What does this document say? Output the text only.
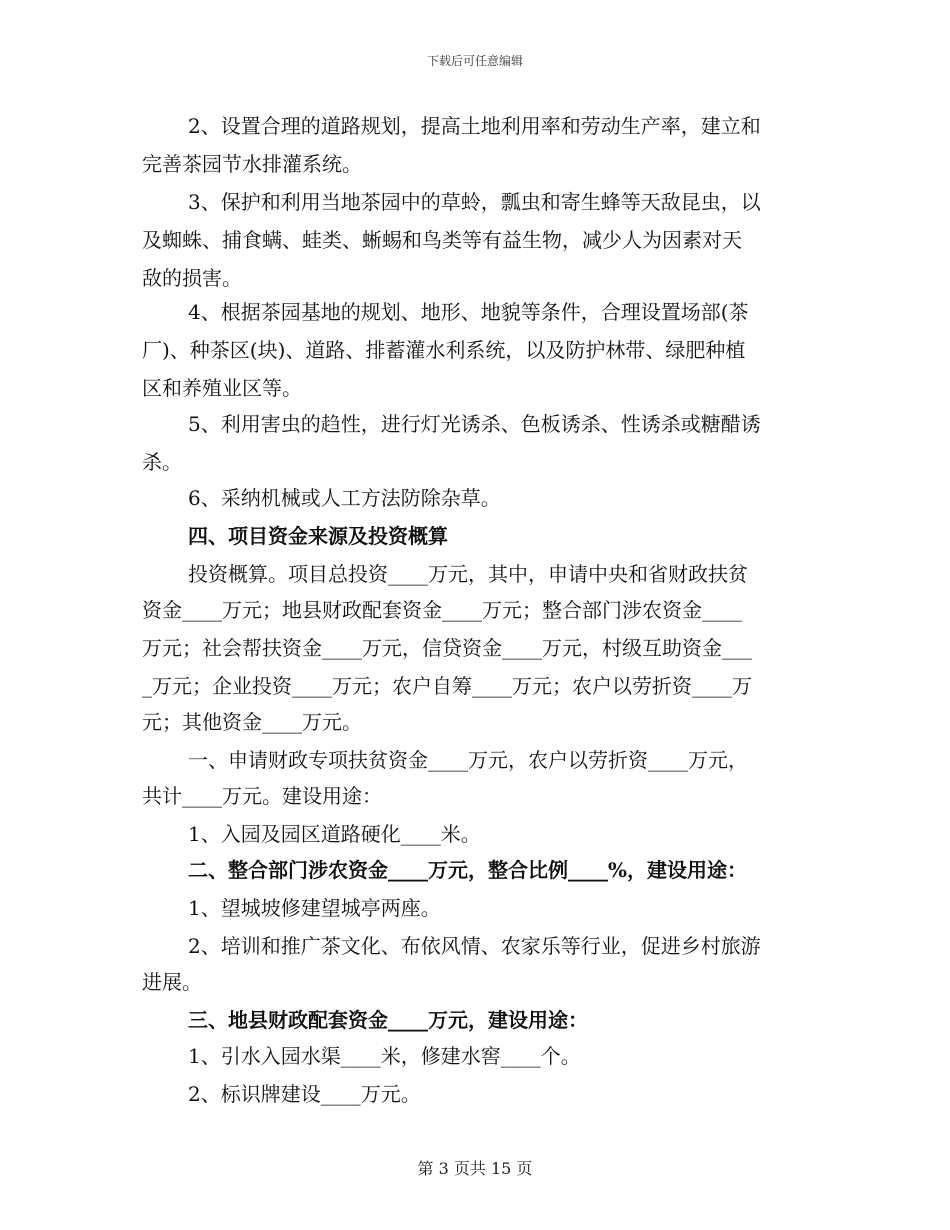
下载后可任意编辑
2、设置合理的道路规划，提高土地利用率和劳动生产率，建立和
完善茶园节水排灌系统。
3、保护和利用当地茶园中的草蛉，瓢虫和寄生蜂等天敌昆虫，以
及蜘蛛、捕食螨、蛙类、蜥蜴和鸟类等有益生物，减少人为因素对天
敌的损害。
4、根据茶园基地的规划、地形、地貌等条件，合理设置场部(茶
厂)、种茶区(块)、道路、排蓄灌水利系统，以及防护林带、绿肥种植
区和养殖业区等。
5、利用害虫的趋性，进行灯光诱杀、色板诱杀、性诱杀或糖醋诱
杀。
6、采纳机械或人工方法防除杂草。
四、项目资金来源及投资概算
投资概算。项目总投资____万元，其中，申请中央和省财政扶贫
资金____万元；地县财政配套资金____万元；整合部门涉农资金____
万元；社会帮扶资金____万元，信贷资金____万元，村级互助资金___
_万元；企业投资____万元；农户自筹____万元；农户以劳折资____万
元；其他资金____万元。
一、申请财政专项扶贫资金____万元，农户以劳折资____万元，
共计____万元。建设用途：
1、入园及园区道路硬化____米。
二、整合部门涉农资金____万元，整合比例____%，建设用途：
1、望城坡修建望城亭两座。
2、培训和推广茶文化、布依风情、农家乐等行业，促进乡村旅游
进展。
三、地县财政配套资金____万元，建设用途：
1、引水入园水渠____米，修建水窖____个。
2、标识牌建设____万元。
第 3 页共 15 页
